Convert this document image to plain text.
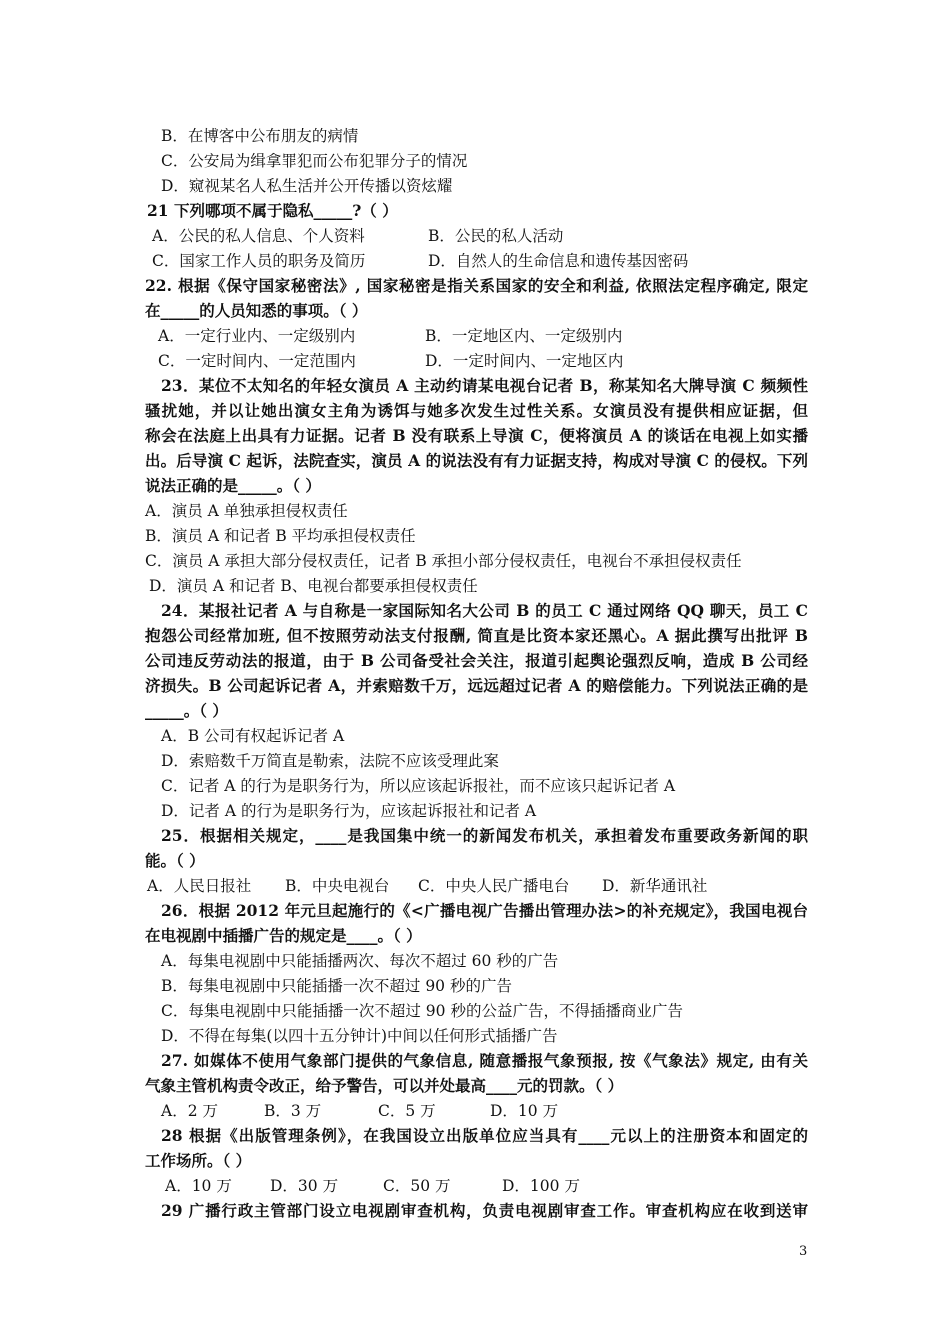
B．在博客中公布朋友的病情
C．公安局为缉拿罪犯而公布犯罪分子的情况
D．窥视某名人私生活并公开传播以资炫耀
21 下列哪项不属于隐私_____?（ ）
A．公民的私人信息、个人资料	B．公民的私人活动
C．国家工作人员的职务及简历	D．自然人的生命信息和遗传基因密码
22. 根据《保守国家秘密法》, 国家秘密是指关系国家的安全和利益, 依照法定程序确定, 限定
在_____的人员知悉的事项。（ ）
A．一定行业内、一定级别内	B．一定地区内、一定级别内
C．一定时间内、一定范围内	D．一定时间内、一定地区内
23．某位不太知名的年轻女演员 A 主动约请某电视台记者 B，称某知名大牌导演 C 频频性
骚扰她，并以让她出演女主角为诱饵与她多次发生过性关系。女演员没有提供相应证据，但
称会在法庭上出具有力证据。记者 B 没有联系上导演 C，便将演员 A 的谈话在电视上如实播
出。后导演 C 起诉，法院查实，演员 A 的说法没有有力证据支持，构成对导演 C 的侵权。下列
说法正确的是_____。（ ）
A．演员 A 单独承担侵权责任
B．演员 A 和记者 B 平均承担侵权责任
C．演员 A 承担大部分侵权责任，记者 B 承担小部分侵权责任，电视台不承担侵权责任
D．演员 A 和记者 B、电视台都要承担侵权责任
24．某报社记者 A 与自称是一家国际知名大公司 B 的员工 C 通过网络 QQ 聊天，员工 C
抱怨公司经常加班, 但不按照劳动法支付报酬, 简直是比资本家还黑心。A 据此撰写出批评 B
公司违反劳动法的报道，由于 B 公司备受社会关注，报道引起舆论强烈反响，造成 B 公司经
济损失。B 公司起诉记者 A，并索赔数千万，远远超过记者 A 的赔偿能力。下列说法正确的是
_____。（ ）
A．B 公司有权起诉记者 A
D．索赔数千万简直是勒索，法院不应该受理此案
C．记者 A 的行为是职务行为，所以应该起诉报社，而不应该只起诉记者 A
D．记者 A 的行为是职务行为，应该起诉报社和记者 A
25．根据相关规定，____是我国集中统一的新闻发布机关，承担着发布重要政务新闻的职
能。（ ）
A．人民日报社 B．中央电视台 C．中央人民广播电台 D．新华通讯社
26．根据 2012 年元旦起施行的《<广播电视广告播出管理办法>的补充规定》，我国电视台
在电视剧中插播广告的规定是____。（ ）
A．每集电视剧中只能插播两次、每次不超过 60 秒的广告
B．每集电视剧中只能插播一次不超过 90 秒的广告
C．每集电视剧中只能插播一次不超过 90 秒的公益广告，不得插播商业广告
D．不得在每集(以四十五分钟计)中间以任何形式插播广告
27. 如媒体不使用气象部门提供的气象信息, 随意播报气象预报, 按《气象法》规定, 由有关
气象主管机构责令改正，给予警告，可以并处最高____元的罚款。（ ）
A．2 万	B．3 万	C．5 万	D．10 万
28 根据《出版管理条例》，在我国设立出版单位应当具有____元以上的注册资本和固定的
工作场所。（ ）
A．10 万 D．30 万	C．50 万	D．100 万
29 广播行政主管部门设立电视剧审查机构，负责电视剧审查工作。审查机构应在收到送审
3
